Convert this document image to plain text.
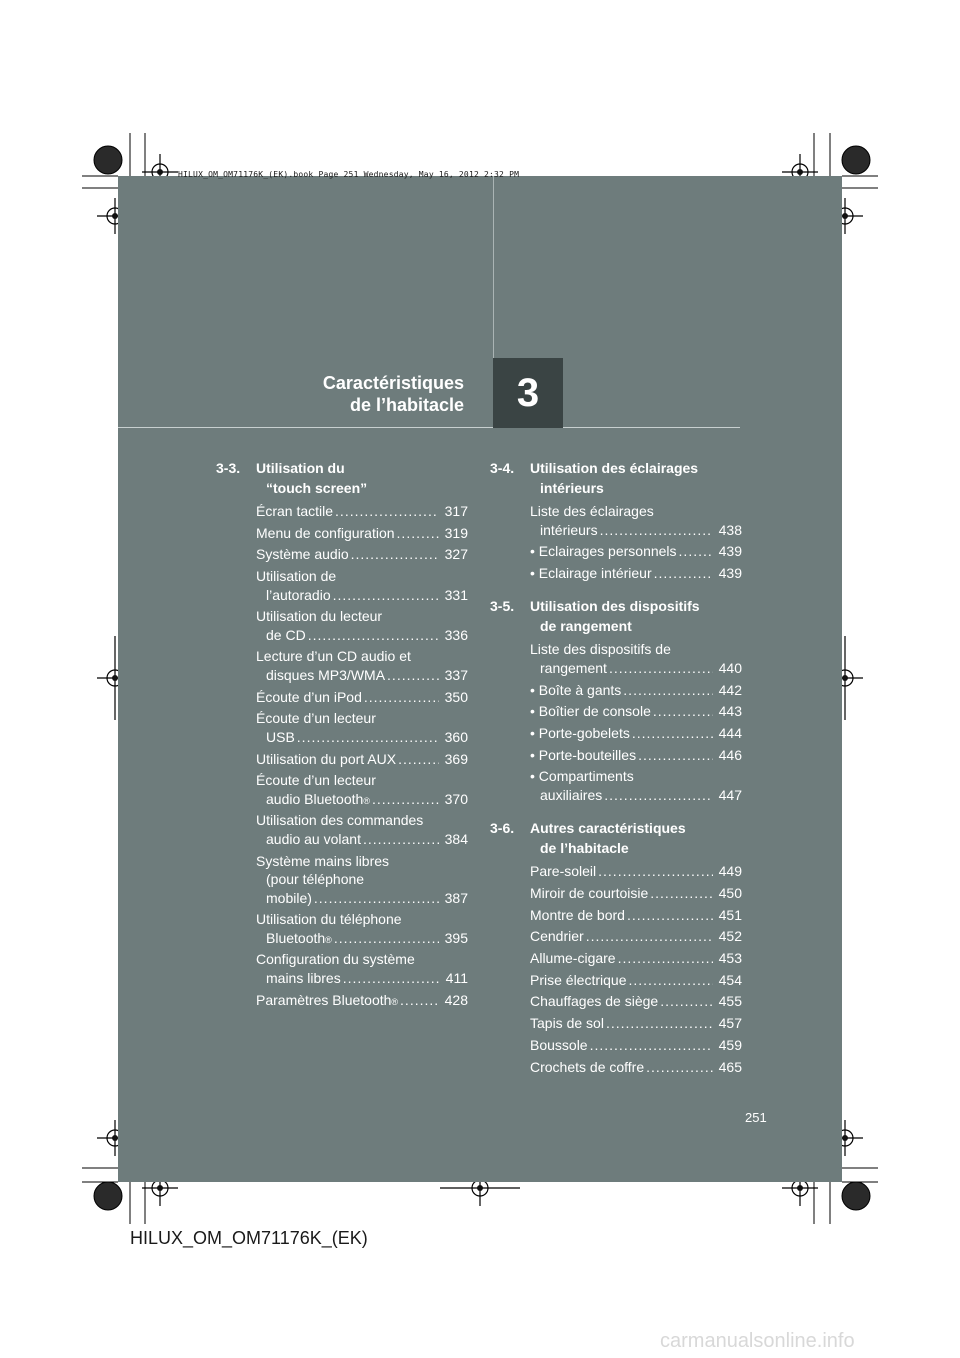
HILUX_OM_OM71176K_(EK).book Page 251 Wednesday, May 16, 2012 2:32 PM
Caractéristiques
de l’habitacle	3
3-3. Utilisation du
“touch screen”
Écran tactile .....	317
Menu de configuration .....	319
Système audio .....	327
Utilisation de
l’autoradio .....	331
Utilisation du lecteur
de CD .....	336
Lecture d’un CD audio et
disques MP3/WMA .....	337
Écoute d’un iPod .....	350
Écoute d’un lecteur
USB .....	360
Utilisation du port AUX .....	369
Écoute d’un lecteur
audio Bluetooth ® .....	370
Utilisation des commandes
audio au volant .....	384
Système mains libres
(pour téléphone
mobile) .....	387
Utilisation du téléphone
Bluetooth ® .....	395
Configuration du système
mains libres .....	411
Paramètres Bluetooth ® .....	428
3-4. Utilisation des éclairages
intérieurs
Liste des éclairages
intérieurs .....	438
• Eclairages personnels .....	439
• Eclairage intérieur .....	439
3-5. Utilisation des dispositifs
de rangement
Liste des dispositifs de
rangement .....	440
• Boîte à gants .....	442
• Boîtier de console .....	443
• Porte-gobelets .....	444
• Porte-bouteilles .....	446
• Compartiments
auxiliaires .....	447
3-6. Autres caractéristiques
de l’habitacle
Pare-soleil .....	449
Miroir de courtoisie .....	450
Montre de bord .....	451
Cendrier .....	452
Allume-cigare .....	453
Prise électrique .....	454
Chauffages de siège .....	455
Tapis de sol .....	457
Boussole .....	459
Crochets de coffre .....	465
251
HILUX_OM_OM71176K_(EK)
carmanualsonline.info
